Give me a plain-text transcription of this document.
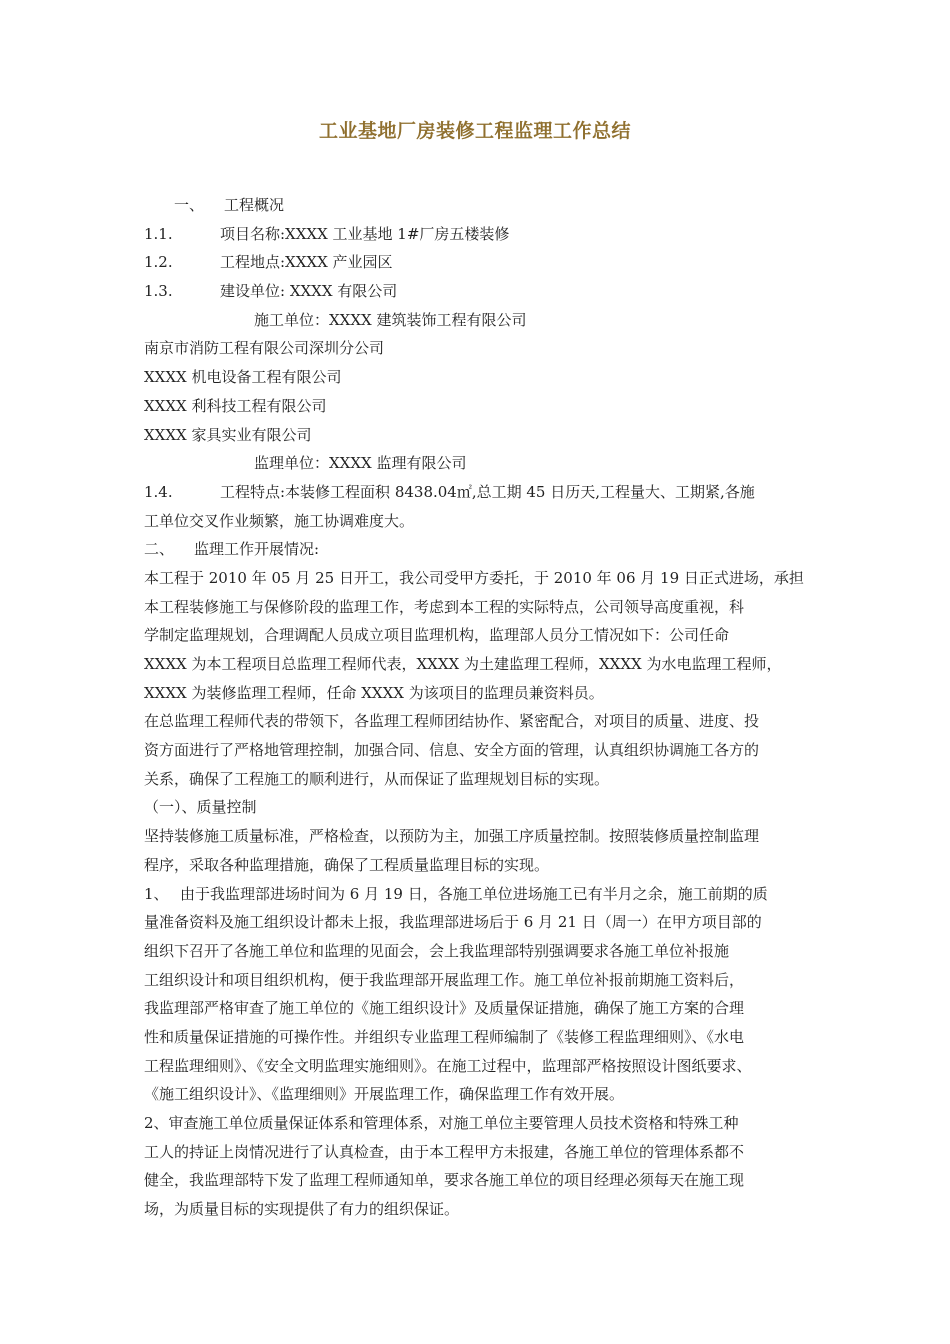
工业基地厂房装修工程监理工作总结
一、 工程概况
1.1.	项目名称:XXXX 工业基地 1#厂房五楼装修
1.2.	工程地点:XXXX 产业园区
1.3.	建设单位: XXXX 有限公司
施工单位：XXXX 建筑装饰工程有限公司
南京市消防工程有限公司深圳分公司
XXXX 机电设备工程有限公司
XXXX 利科技工程有限公司
XXXX 家具实业有限公司
监理单位：XXXX 监理有限公司
1.4.	工程特点:本装修工程面积 8438.04㎡,总工期 45 日历天,工程量大、工期紧,各施
工单位交叉作业频繁，施工协调难度大。
二、 监理工作开展情况:
本工程于 2010 年 05 月 25 日开工，我公司受甲方委托，于 2010 年 06 月 19 日正式进场，承担
本工程装修施工与保修阶段的监理工作，考虑到本工程的实际特点，公司领导高度重视，科
学制定监理规划，合理调配人员成立项目监理机构，监理部人员分工情况如下：公司任命
XXXX 为本工程项目总监理工程师代表，XXXX 为土建监理工程师，XXXX 为水电监理工程师，
XXXX 为装修监理工程师，任命 XXXX 为该项目的监理员兼资料员。
在总监理工程师代表的带领下，各监理工程师团结协作、紧密配合，对项目的质量、进度、投
资方面进行了严格地管理控制，加强合同、信息、安全方面的管理，认真组织协调施工各方的
关系，确保了工程施工的顺利进行，从而保证了监理规划目标的实现。
（一）、质量控制
坚持装修施工质量标准，严格检查，以预防为主，加强工序质量控制。按照装修质量控制监理
程序，采取各种监理措施，确保了工程质量监理目标的实现。
1、 由于我监理部进场时间为 6 月 19 日，各施工单位进场施工已有半月之余，施工前期的质
量准备资料及施工组织设计都未上报，我监理部进场后于 6 月 21 日（周一）在甲方项目部的
组织下召开了各施工单位和监理的见面会，会上我监理部特别强调要求各施工单位补报施
工组织设计和项目组织机构，便于我监理部开展监理工作。施工单位补报前期施工资料后，
我监理部严格审查了施工单位的《施工组织设计》及质量保证措施，确保了施工方案的合理
性和质量保证措施的可操作性。并组织专业监理工程师编制了《装修工程监理细则》、《水电
工程监理细则》、《安全文明监理实施细则》。在施工过程中，监理部严格按照设计图纸要求、
《施工组织设计》、《监理细则》开展监理工作，确保监理工作有效开展。
2、审查施工单位质量保证体系和管理体系，对施工单位主要管理人员技术资格和特殊工种
工人的持证上岗情况进行了认真检查，由于本工程甲方未报建，各施工单位的管理体系都不
健全，我监理部特下发了监理工程师通知单，要求各施工单位的项目经理必须每天在施工现
场，为质量目标的实现提供了有力的组织保证。
